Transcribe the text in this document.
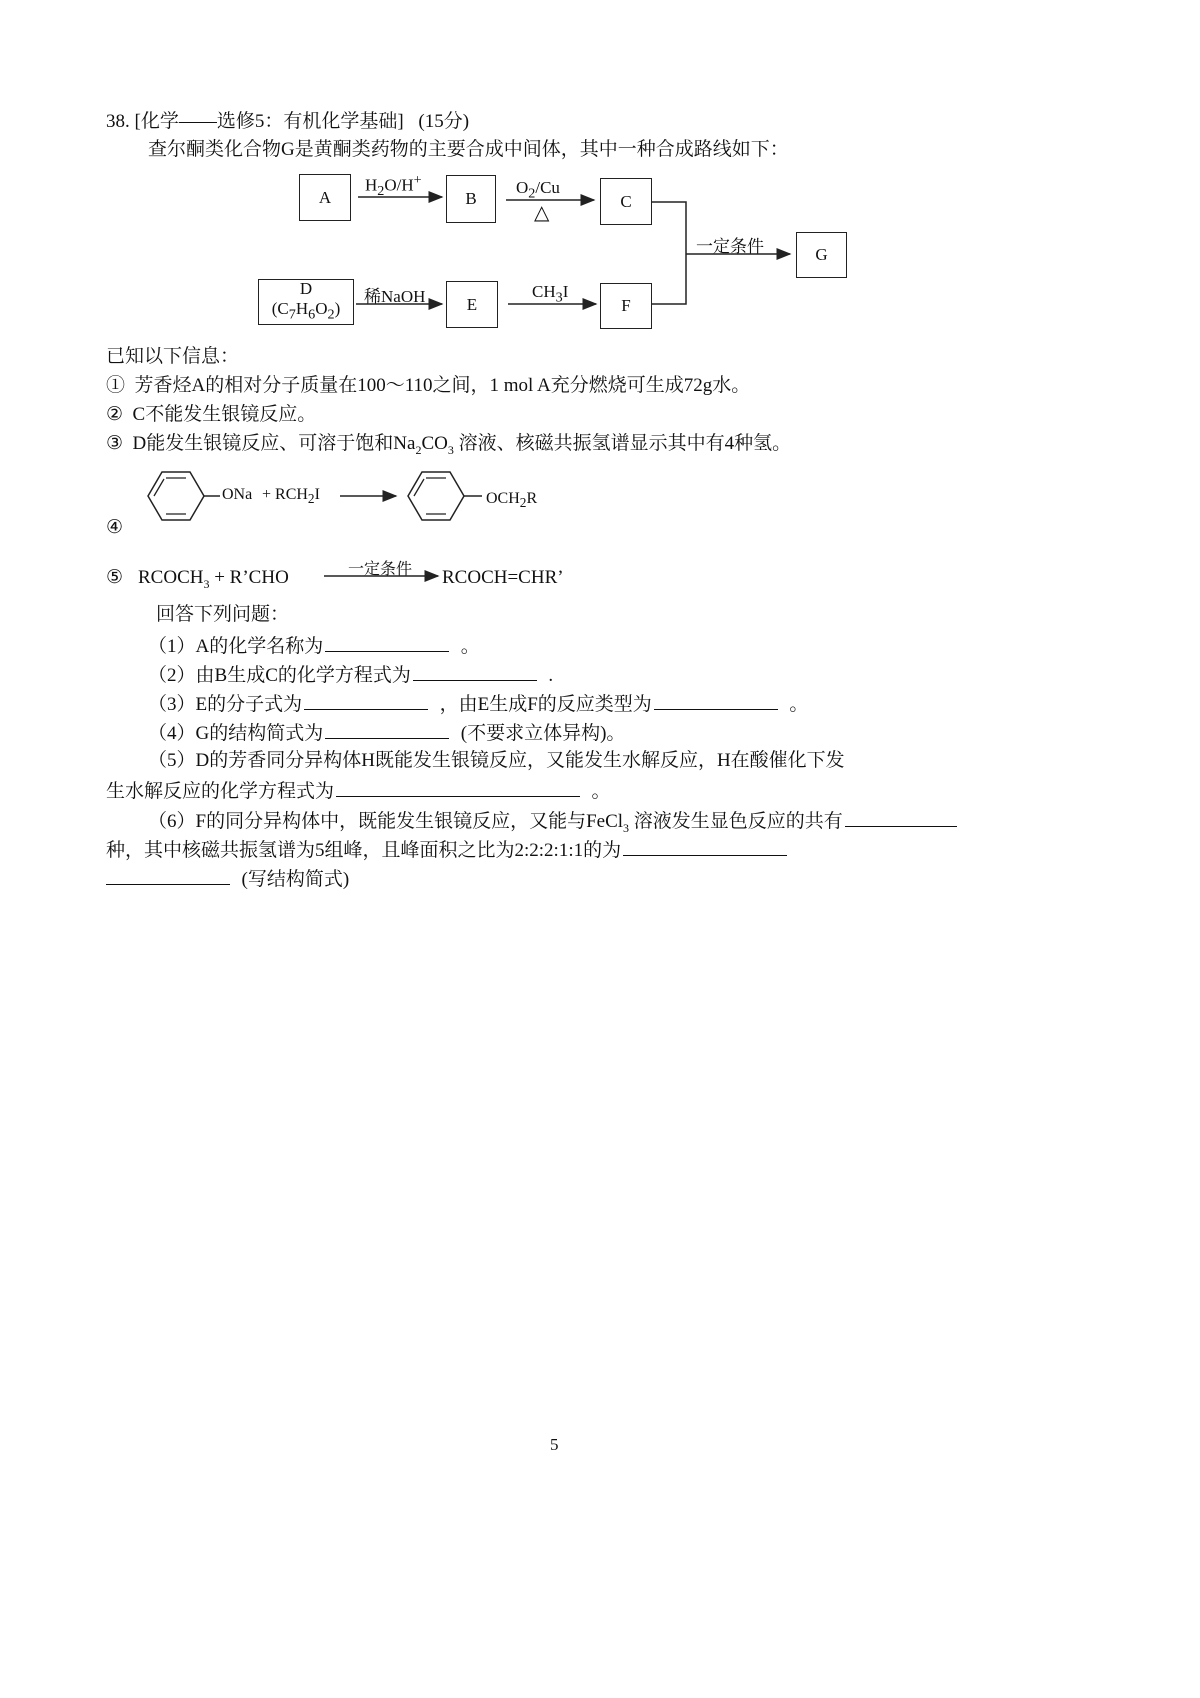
38. [化学——选修5：有机化学基础] (15分)
查尔酮类化合物G是黄酮类药物的主要合成中间体，其中一种合成路线如下：
A	B	C
D
$(C_7H_6O_2)$	E	F
G
$H_2O/H^+$	$O_2/Cu$
△
稀NaOH	$CH_3I$
一定条件
已知以下信息：
① 芳香烃A的相对分子质量在100～110之间，1 mol A充分燃烧可生成72g水。
② C不能发生银镜反应。
③  D能发生银镜反应、可溶于饱和$Na_2CO_3$ 溶液、核磁共振氢谱显示其中有4种氢。
④
ONa + $RCH_2I$	$OCH_2R$
⑤ $RCOCH_3$ + R’CHO	一定条件 RCOCH=CHR’
回答下列问题：
（1）A的化学名称为	。
（2）由B生成C的化学方程式为	.
（3）E的分子式为	，由E生成F的反应类型为	。
（4）G的结构简式为	(不要求立体异构)。
（5）D的芳香同分异构体H既能发生银镜反应，又能发生水解反应，H在酸催化下发
生水解反应的化学方程式为	。
（6）F的同分异构体中，既能发生银镜反应，又能与FeCl$_3$ 溶液发生显色反应的共有
种，其中核磁共振氢谱为5组峰，且峰面积之比为2:2:2:1:1的为
(写结构简式)
5
